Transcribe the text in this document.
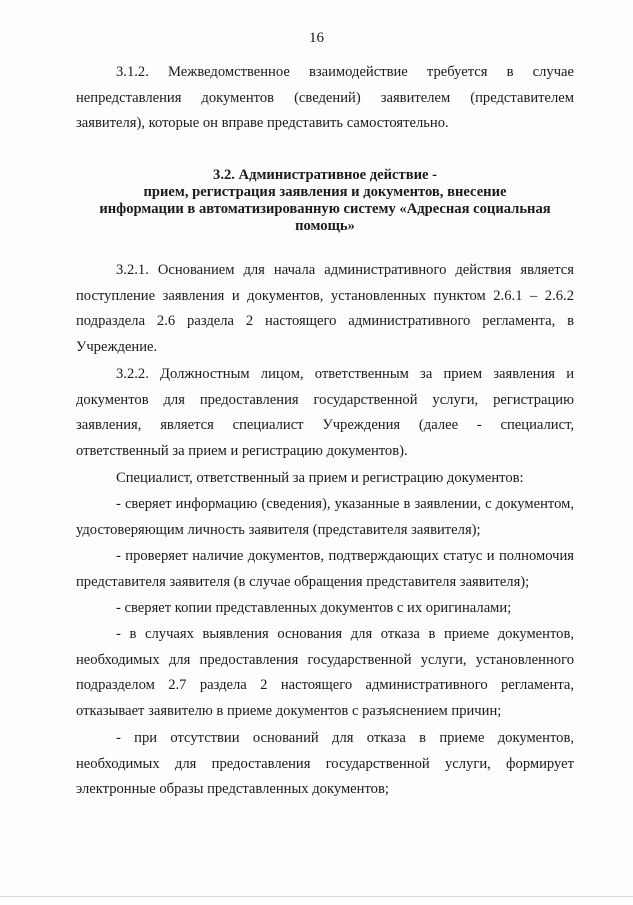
16

3.1.2. Межведомственное взаимодействие требуется в случае непредставления документов (сведений) заявителем (представителем заявителя), которые он вправе представить самостоятельно.

3.2. Административное действие -
прием, регистрация заявления и документов, внесение
информации в автоматизированную систему «Адресная социальная
помощь»

3.2.1. Основанием для начала административного действия является поступление заявления и документов, установленных пунктом 2.6.1 – 2.6.2 подраздела 2.6 раздела 2 настоящего административного регламента, в Учреждение.

3.2.2. Должностным лицом, ответственным за прием заявления и документов для предоставления государственной услуги, регистрацию заявления, является специалист Учреждения (далее - специалист, ответственный за прием и регистрацию документов).

Специалист, ответственный за прием и регистрацию документов:

- сверяет информацию (сведения), указанные в заявлении, с документом, удостоверяющим личность заявителя (представителя заявителя);

- проверяет наличие документов, подтверждающих статус и полномочия представителя заявителя (в случае обращения представителя заявителя);

- сверяет копии представленных документов с их оригиналами;

- в случаях выявления основания для отказа в приеме документов, необходимых для предоставления государственной услуги, установленного подразделом 2.7 раздела 2 настоящего административного регламента, отказывает заявителю в приеме документов с разъяснением причин;

- при отсутствии оснований для отказа в приеме документов, необходимых для предоставления государственной услуги, формирует электронные образы представленных документов;
